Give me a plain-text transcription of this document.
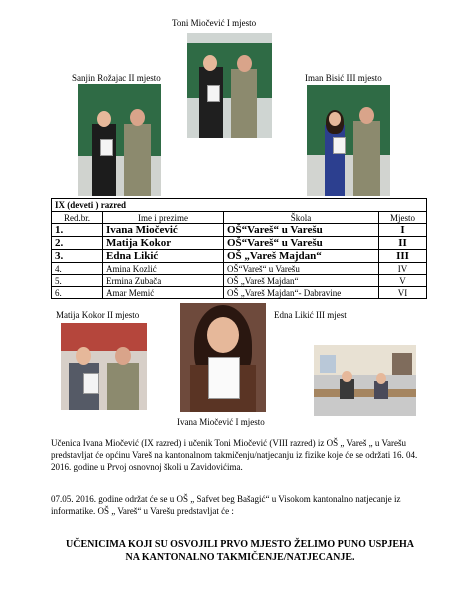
Toni Miočević I mjesto
Sanjin Rožajac II mjesto	Iman Bisić III mjesto
IX (deveti ) razred			
Red.br.	Ime i prezime	Škola	Mjesto
1.	Ivana Miočević	OŠ“Vareš“ u Varešu	I
2.	Matija Kokor	OŠ“Vareš“ u Varešu	II
3.	Edna Likić	OŠ „Vareš Majdan“	III
4.	Amina Kozlić	OŠ“Vareš“ u Varešu	IV
5.	Ermina Zubača	OŠ „Vareš Majdan“	V
6.	Amar Memić	OŠ „Vareš Majdan“- Dabravine	VI
Matija Kokor II mjesto	Edna Likić III mjest
Ivana Miočević I mjesto
Učenica Ivana Miočević (IX razred) i učenik Toni Miočević (VIII razred) iz OŠ „ Vareš „ u Varešu predstavljat će općinu Vareš na kantonalnom takmičenju/natjecanju iz fizike koje će se održati 16. 04. 2016. godine u Prvoj osnovnoj školi u Zavidovićima.
07.05. 2016. godine održat će se u OŠ „ Safvet beg Bašagić“ u Visokom kantonalno natjecanje iz informatike. OŠ „ Vareš“ u Varešu predstavljat će :
UČENICIMA KOJI SU OSVOJILI PRVO MJESTO ŽELIMO PUNO USPJEHA NA KANTONALNO TAKMIČENJE/NATJECANJE.
